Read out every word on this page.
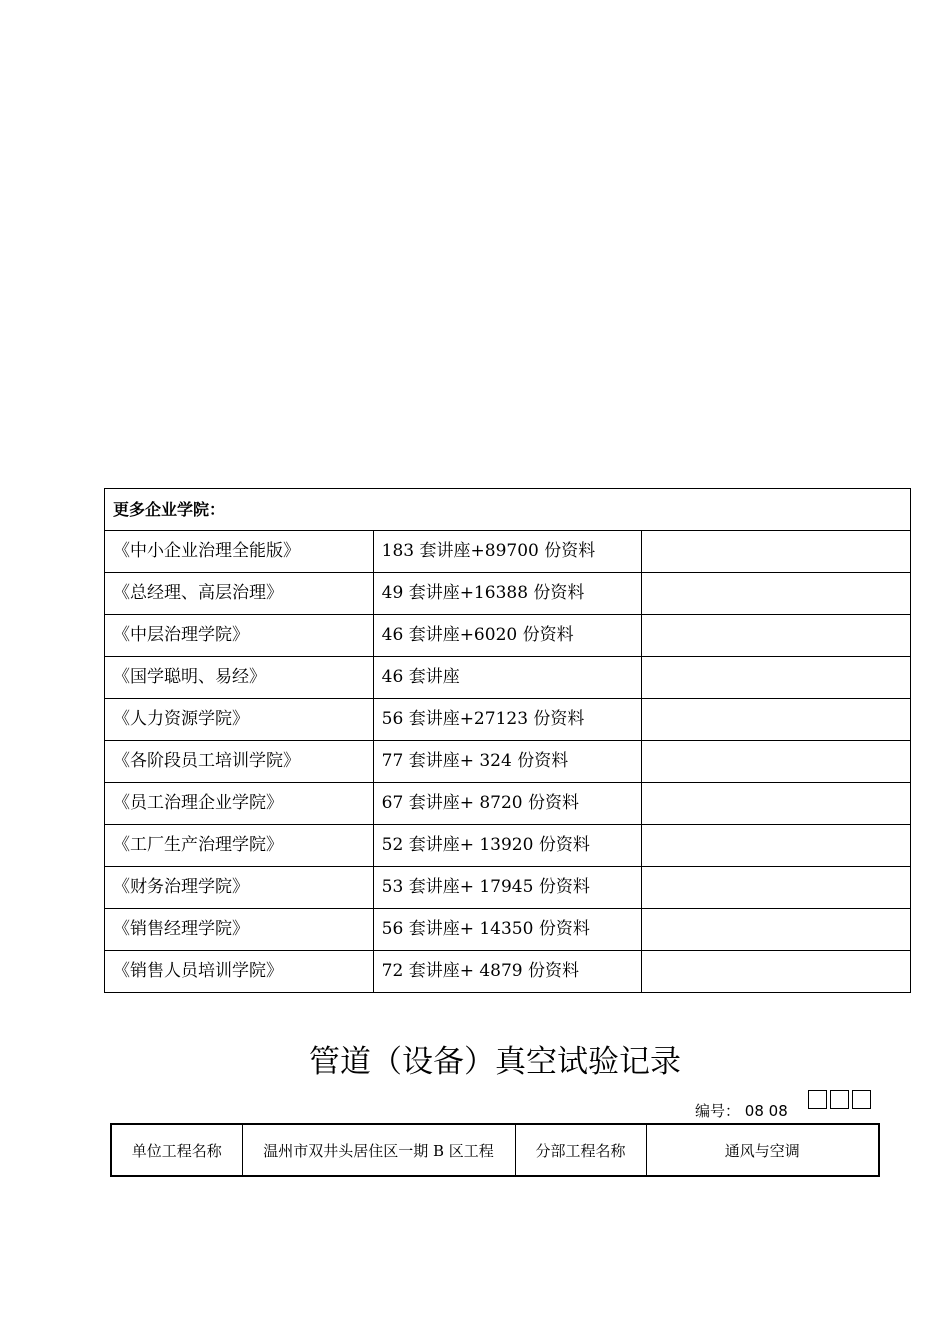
更多企业学院：		
《中小企业治理全能版》	183 套讲座+89700 份资料	
《总经理、高层治理》	49 套讲座+16388 份资料	
《中层治理学院》	46 套讲座+6020 份资料	
《国学聪明、易经》	46 套讲座	
《人力资源学院》	56 套讲座+27123 份资料	
《各阶段员工培训学院》	77 套讲座+ 324 份资料	
《员工治理企业学院》	67 套讲座+ 8720 份资料	
《工厂生产治理学院》	52 套讲座+ 13920 份资料	
《财务治理学院》	53 套讲座+ 17945 份资料	
《销售经理学院》	56 套讲座+ 14350 份资料	
《销售人员培训学院》	72 套讲座+ 4879 份资料	
管道（设备）真空试验记录
编号： 08 08
单位工程名称	温州市双井头居住区一期 B 区工程	分部工程名称	通风与空调
